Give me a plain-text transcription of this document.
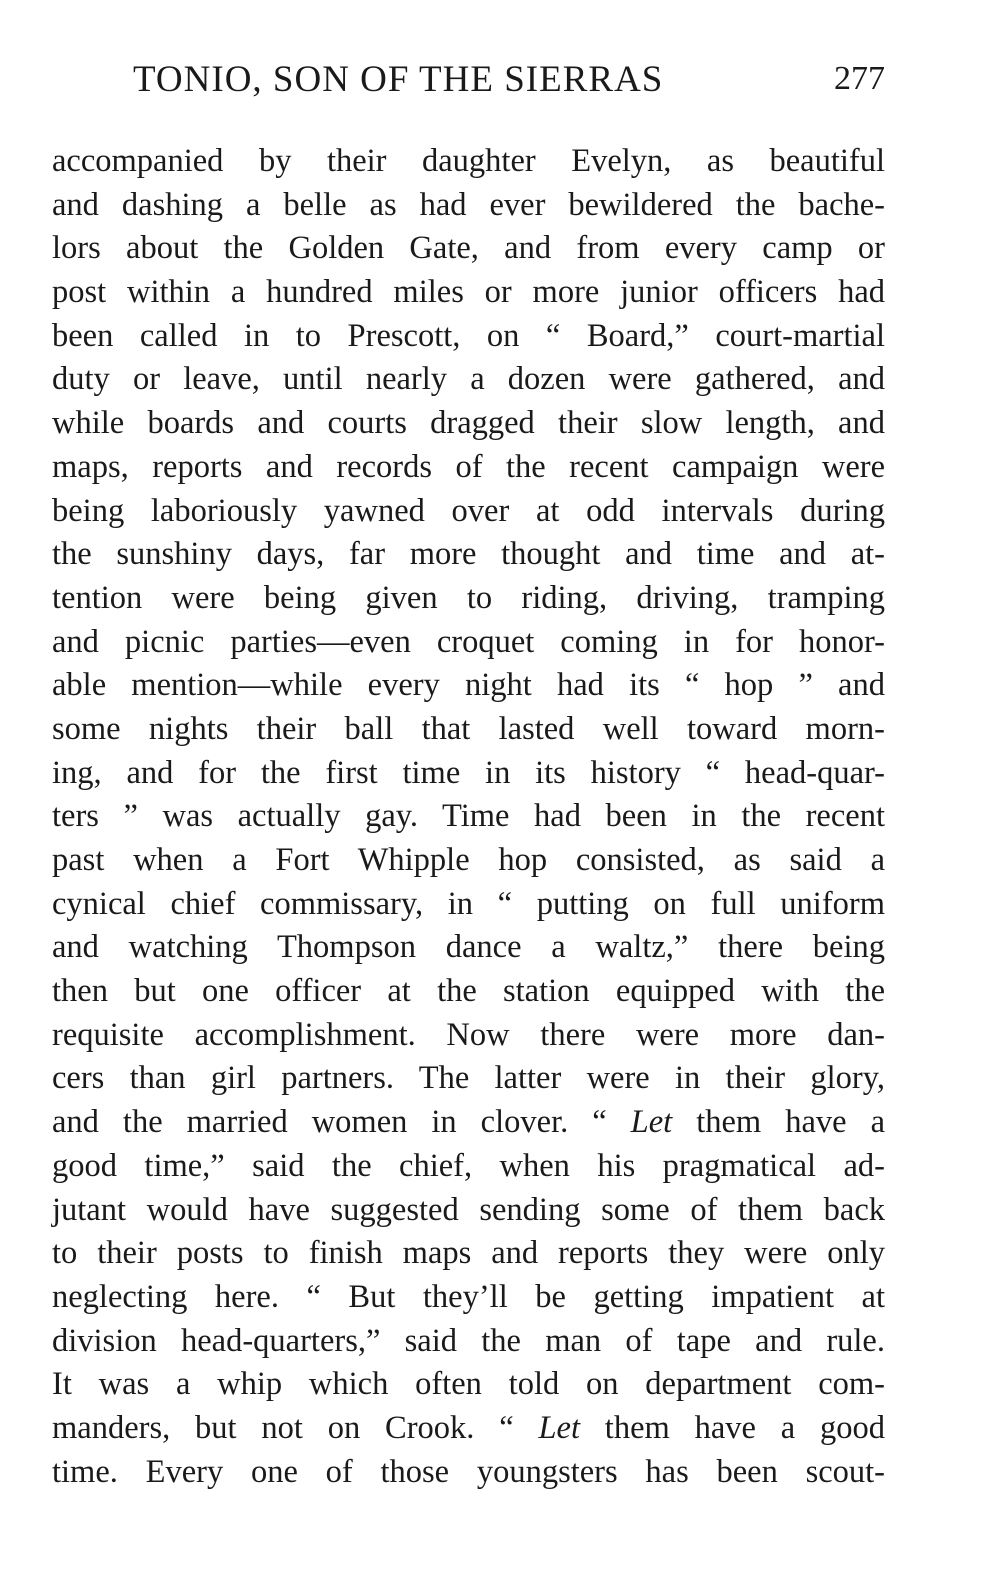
TONIO, SON OF THE SIERRAS	277
accompanied by their daughter Evelyn, as beautiful
and dashing a belle as had ever bewildered the bache-
lors about the Golden Gate, and from every camp or
post within a hundred miles or more junior officers had
been called in to Prescott, on “ Board,” court-martial
duty or leave, until nearly a dozen were gathered, and
while boards and courts dragged their slow length, and
maps, reports and records of the recent campaign were
being laboriously yawned over at odd intervals during
the sunshiny days, far more thought and time and at-
tention were being given to riding, driving, tramping
and picnic parties—even croquet coming in for honor-
able mention—while every night had its “ hop ” and
some nights their ball that lasted well toward morn-
ing, and for the first time in its history “ head-quar-
ters ” was actually gay. Time had been in the recent
past when a Fort Whipple hop consisted, as said a
cynical chief commissary, in “ putting on full uniform
and watching Thompson dance a waltz,” there being
then but one officer at the station equipped with the
requisite accomplishment. Now there were more dan-
cers than girl partners. The latter were in their glory,
and the married women in clover. “ Let them have a
good time,” said the chief, when his pragmatical ad-
jutant would have suggested sending some of them back
to their posts to finish maps and reports they were only
neglecting here. “ But they’ll be getting impatient at
division head-quarters,” said the man of tape and rule.
It was a whip which often told on department com-
manders, but not on Crook. “ Let them have a good
time. Every one of those youngsters has been scout-
